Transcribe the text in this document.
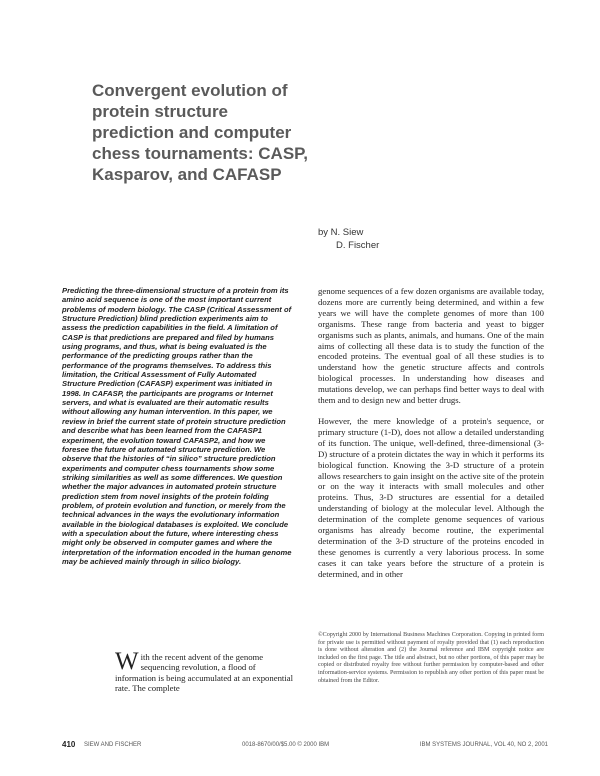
Convergent evolution of protein structure prediction and computer chess tournaments: CASP, Kasparov, and CAFASP
by N. Siew
D. Fischer

Predicting the three-dimensional structure of a protein from its amino acid sequence is one of the most important current problems of modern biology. The CASP (Critical Assessment of Structure Prediction) blind prediction experiments aim to assess the prediction capabilities in the field. A limitation of CASP is that predictions are prepared and filed by humans using programs, and thus, what is being evaluated is the performance of the predicting groups rather than the performance of the programs themselves. To address this limitation, the Critical Assessment of Fully Automated Structure Prediction (CAFASP) experiment was initiated in 1998. In CAFASP, the participants are programs or Internet servers, and what is evaluated are their automatic results without allowing any human intervention. In this paper, we review in brief the current state of protein structure prediction and describe what has been learned from the CAFASP1 experiment, the evolution toward CAFASP2, and how we foresee the future of automated structure prediction. We observe that the histories of “in silico” structure prediction experiments and computer chess tournaments show some striking similarities as well as some differences. We question whether the major advances in automated protein structure prediction stem from novel insights of the protein folding problem, of protein evolution and function, or merely from the technical advances in the ways the evolutionary information available in the biological databases is exploited. We conclude with a speculation about the future, where interesting chess might only be observed in computer games and where the interpretation of the information encoded in the human genome may be achieved mainly through in silico biology.

With the recent advent of the genome sequencing revolution, a flood of information is being accumulated at an exponential rate. The complete

genome sequences of a few dozen organisms are available today, dozens more are currently being determined, and within a few years we will have the complete genomes of more than 100 organisms. These range from bacteria and yeast to bigger organisms such as plants, animals, and humans. One of the main aims of collecting all these data is to study the function of the encoded proteins. The eventual goal of all these studies is to understand how the genetic structure affects and controls biological processes. In understanding how diseases and mutations develop, we can perhaps find better ways to deal with them and to design new and better drugs.

However, the mere knowledge of a protein's sequence, or primary structure (1-D), does not allow a detailed understanding of its function. The unique, well-defined, three-dimensional (3-D) structure of a protein dictates the way in which it performs its biological function. Knowing the 3-D structure of a protein allows researchers to gain insight on the active site of the protein or on the way it interacts with small molecules and other proteins. Thus, 3-D structures are essential for a detailed understanding of biology at the molecular level. Although the determination of the complete genome sequences of various organisms has already become routine, the experimental determination of the 3-D structure of the proteins encoded in these genomes is currently a very laborious process. In some cases it can take years before the structure of a protein is determined, and in other

©Copyright 2000 by International Business Machines Corporation. Copying in printed form for private use is permitted without payment of royalty provided that (1) each reproduction is done without alteration and (2) the Journal reference and IBM copyright notice are included on the first page. The title and abstract, but no other portions, of this paper may be copied or distributed royalty free without further permission by computer-based and other information-service systems. Permission to republish any other portion of this paper must be obtained from the Editor.

410 SIEW AND FISCHER	0018-8670/00/$5.00 © 2000 IBM	IBM SYSTEMS JOURNAL, VOL 40, NO 2, 2001
